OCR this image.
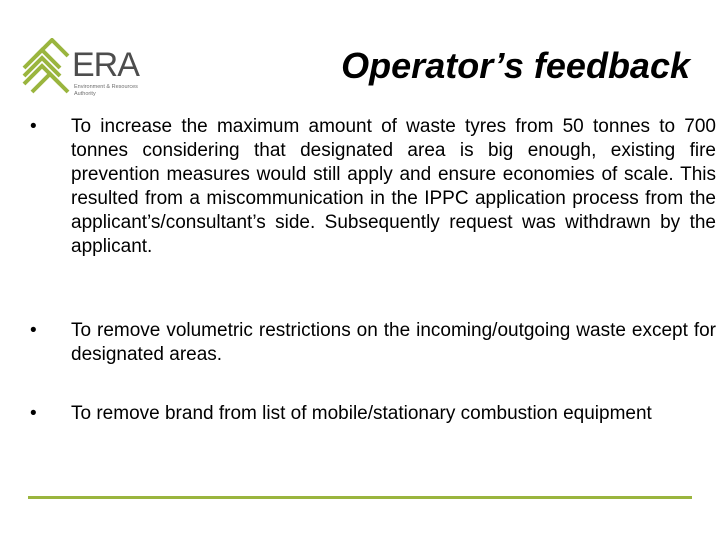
ERA
Environment & Resources Authority
Operator’s feedback
•	To increase the maximum amount of waste tyres from 50 tonnes to 700 tonnes considering that designated area is big enough, existing fire prevention measures would still apply and ensure economies of scale. This resulted from a miscommunication in the IPPC application process from the applicant’s/consultant’s side. Subsequently request was withdrawn by the applicant.
•	To remove volumetric restrictions on the incoming/outgoing waste except for designated areas.
•	To remove brand from list of mobile/stationary combustion equipment
